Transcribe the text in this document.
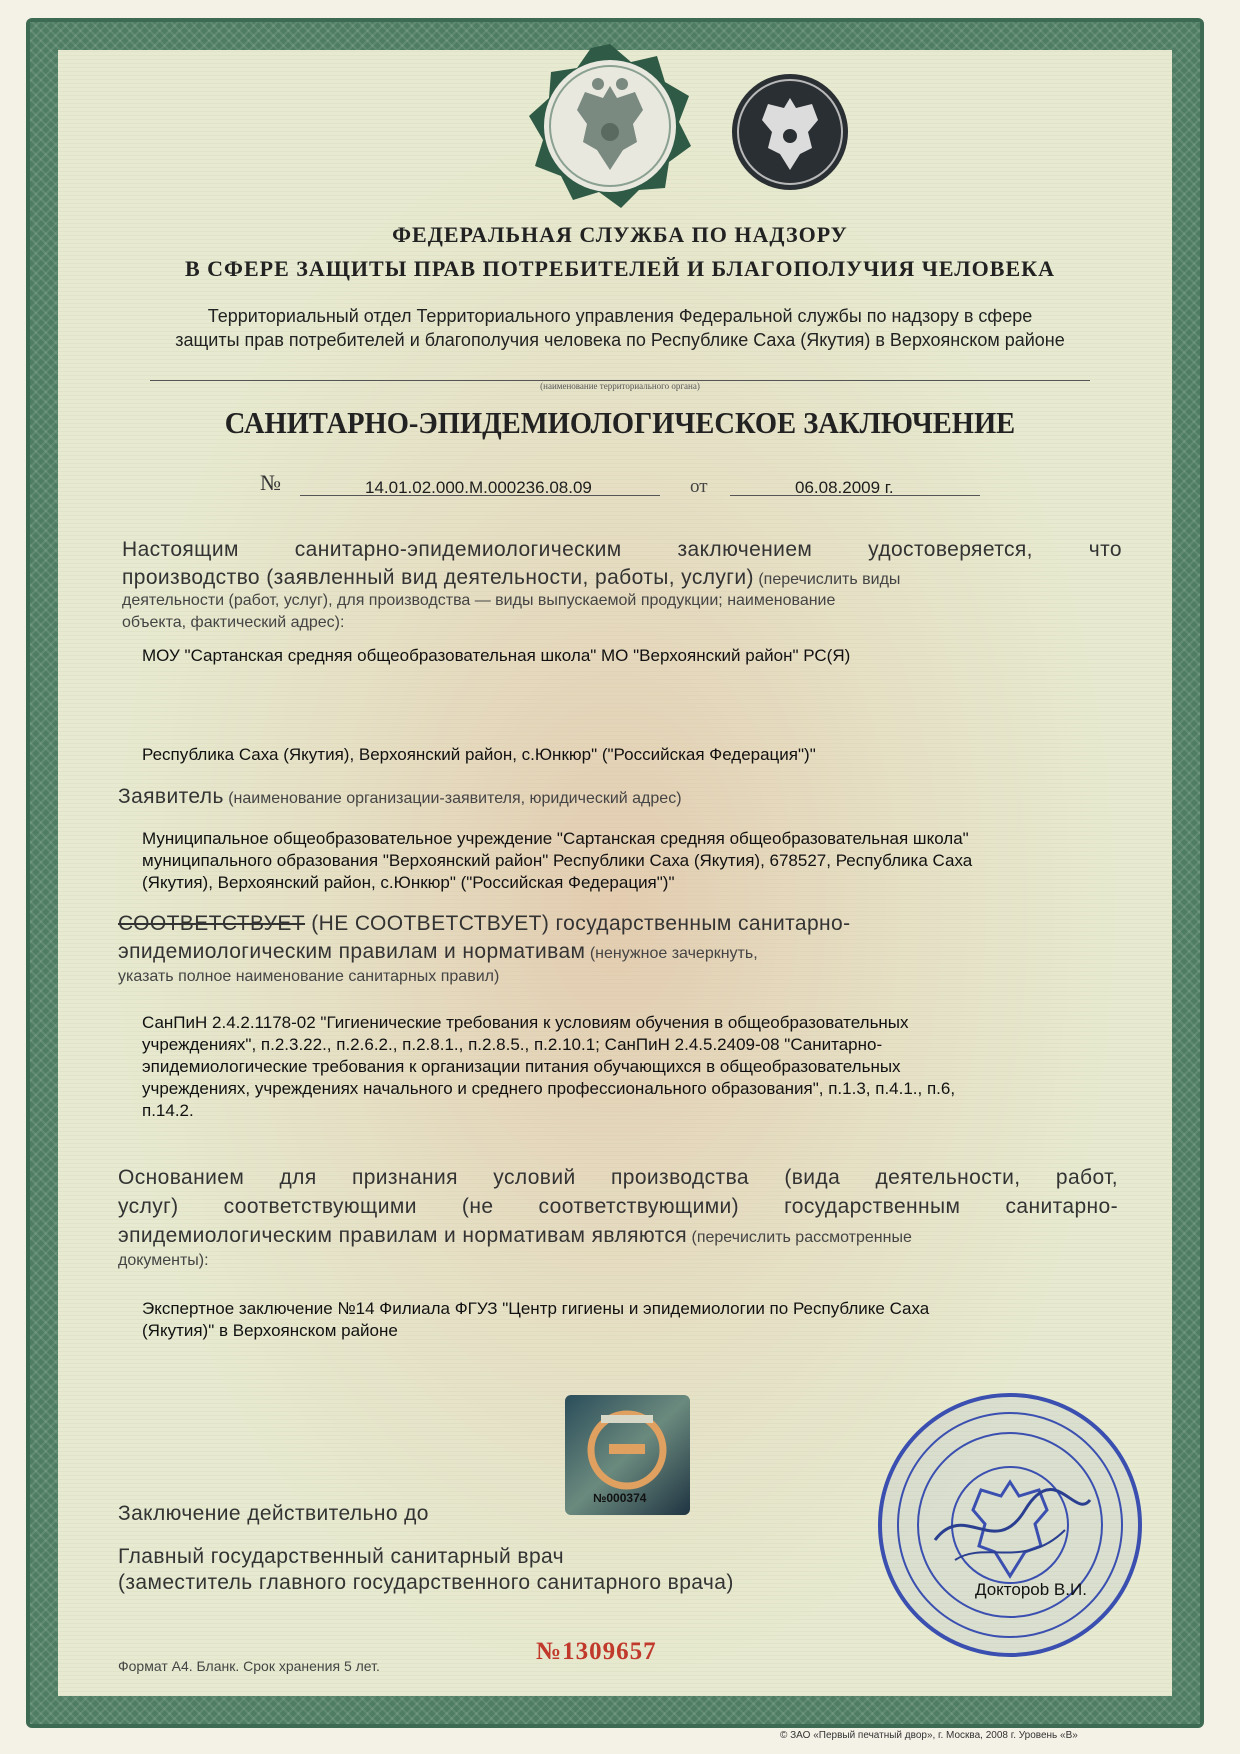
ФЕДЕРАЛЬНАЯ СЛУЖБА ПО НАДЗОРУ
В СФЕРЕ ЗАЩИТЫ ПРАВ ПОТРЕБИТЕЛЕЙ И БЛАГОПОЛУЧИЯ ЧЕЛОВЕКА
Территориальный отдел Территориального управления Федеральной службы по надзору в сфере
защиты прав потребителей и благополучия человека по Республике Саха (Якутия) в Верхоянском районе
(наименование территориального органа)
САНИТАРНО-ЭПИДЕМИОЛОГИЧЕСКОЕ ЗАКЛЮЧЕНИЕ
№	14.01.02.000.М.000236.08.09	от	06.08.2009 г.
Настоящим санитарно-эпидемиологическим заключением удостоверяется, что
производство (заявленный вид деятельности, работы, услуги) (перечислить виды
деятельности (работ, услуг), для производства — виды выпускаемой продукции; наименование
объекта, фактический адрес):
МОУ "Сартанская средняя общеобразовательная школа" МО "Верхоянский район" РС(Я)
Республика Саха (Якутия), Верхоянский район, с.Юнкюр" ("Российская Федерация")"
Заявитель (наименование организации-заявителя, юридический адрес)
Муниципальное общеобразовательное учреждение "Сартанская средняя общеобразовательная школа"
муниципального образования "Верхоянский район" Республики Саха (Якутия), 678527, Республика Саха
(Якутия), Верхоянский район, с.Юнкюр" ("Российская Федерация")"
СООТВЕТСТВУЕТ (НЕ СООТВЕТСТВУЕТ) государственным санитарно-
эпидемиологическим правилам и нормативам (ненужное зачеркнуть,
указать полное наименование санитарных правил)
СанПиН 2.4.2.1178-02 "Гигиенические требования к условиям обучения в общеобразовательных
учреждениях", п.2.3.22., п.2.6.2., п.2.8.1., п.2.8.5., п.2.10.1; СанПиН 2.4.5.2409-08 "Санитарно-
эпидемиологические требования к организации питания обучающихся в общеобразовательных
учреждениях, учреждениях начального и среднего профессионального образования", п.1.3, п.4.1., п.6,
п.14.2.
Основанием для признания условий производства (вида деятельности, работ,
услуг) соответствующими (не соответствующими) государственным санитарно-
эпидемиологическим правилам и нормативам являются (перечислить рассмотренные
документы):
Экспертное заключение №14 Филиала ФГУЗ "Центр гигиены и эпидемиологии по Республике Саха
(Якутия)" в Верхоянском районе
№000374
Заключение действительно до
Главный государственный санитарный врач
(заместитель главного государственного санитарного врача)	Доктороb В.И.
Формат А4. Бланк. Срок хранения 5 лет.
№1309657
© ЗАО «Первый печатный двор», г. Москва, 2008 г. Уровень «В»
